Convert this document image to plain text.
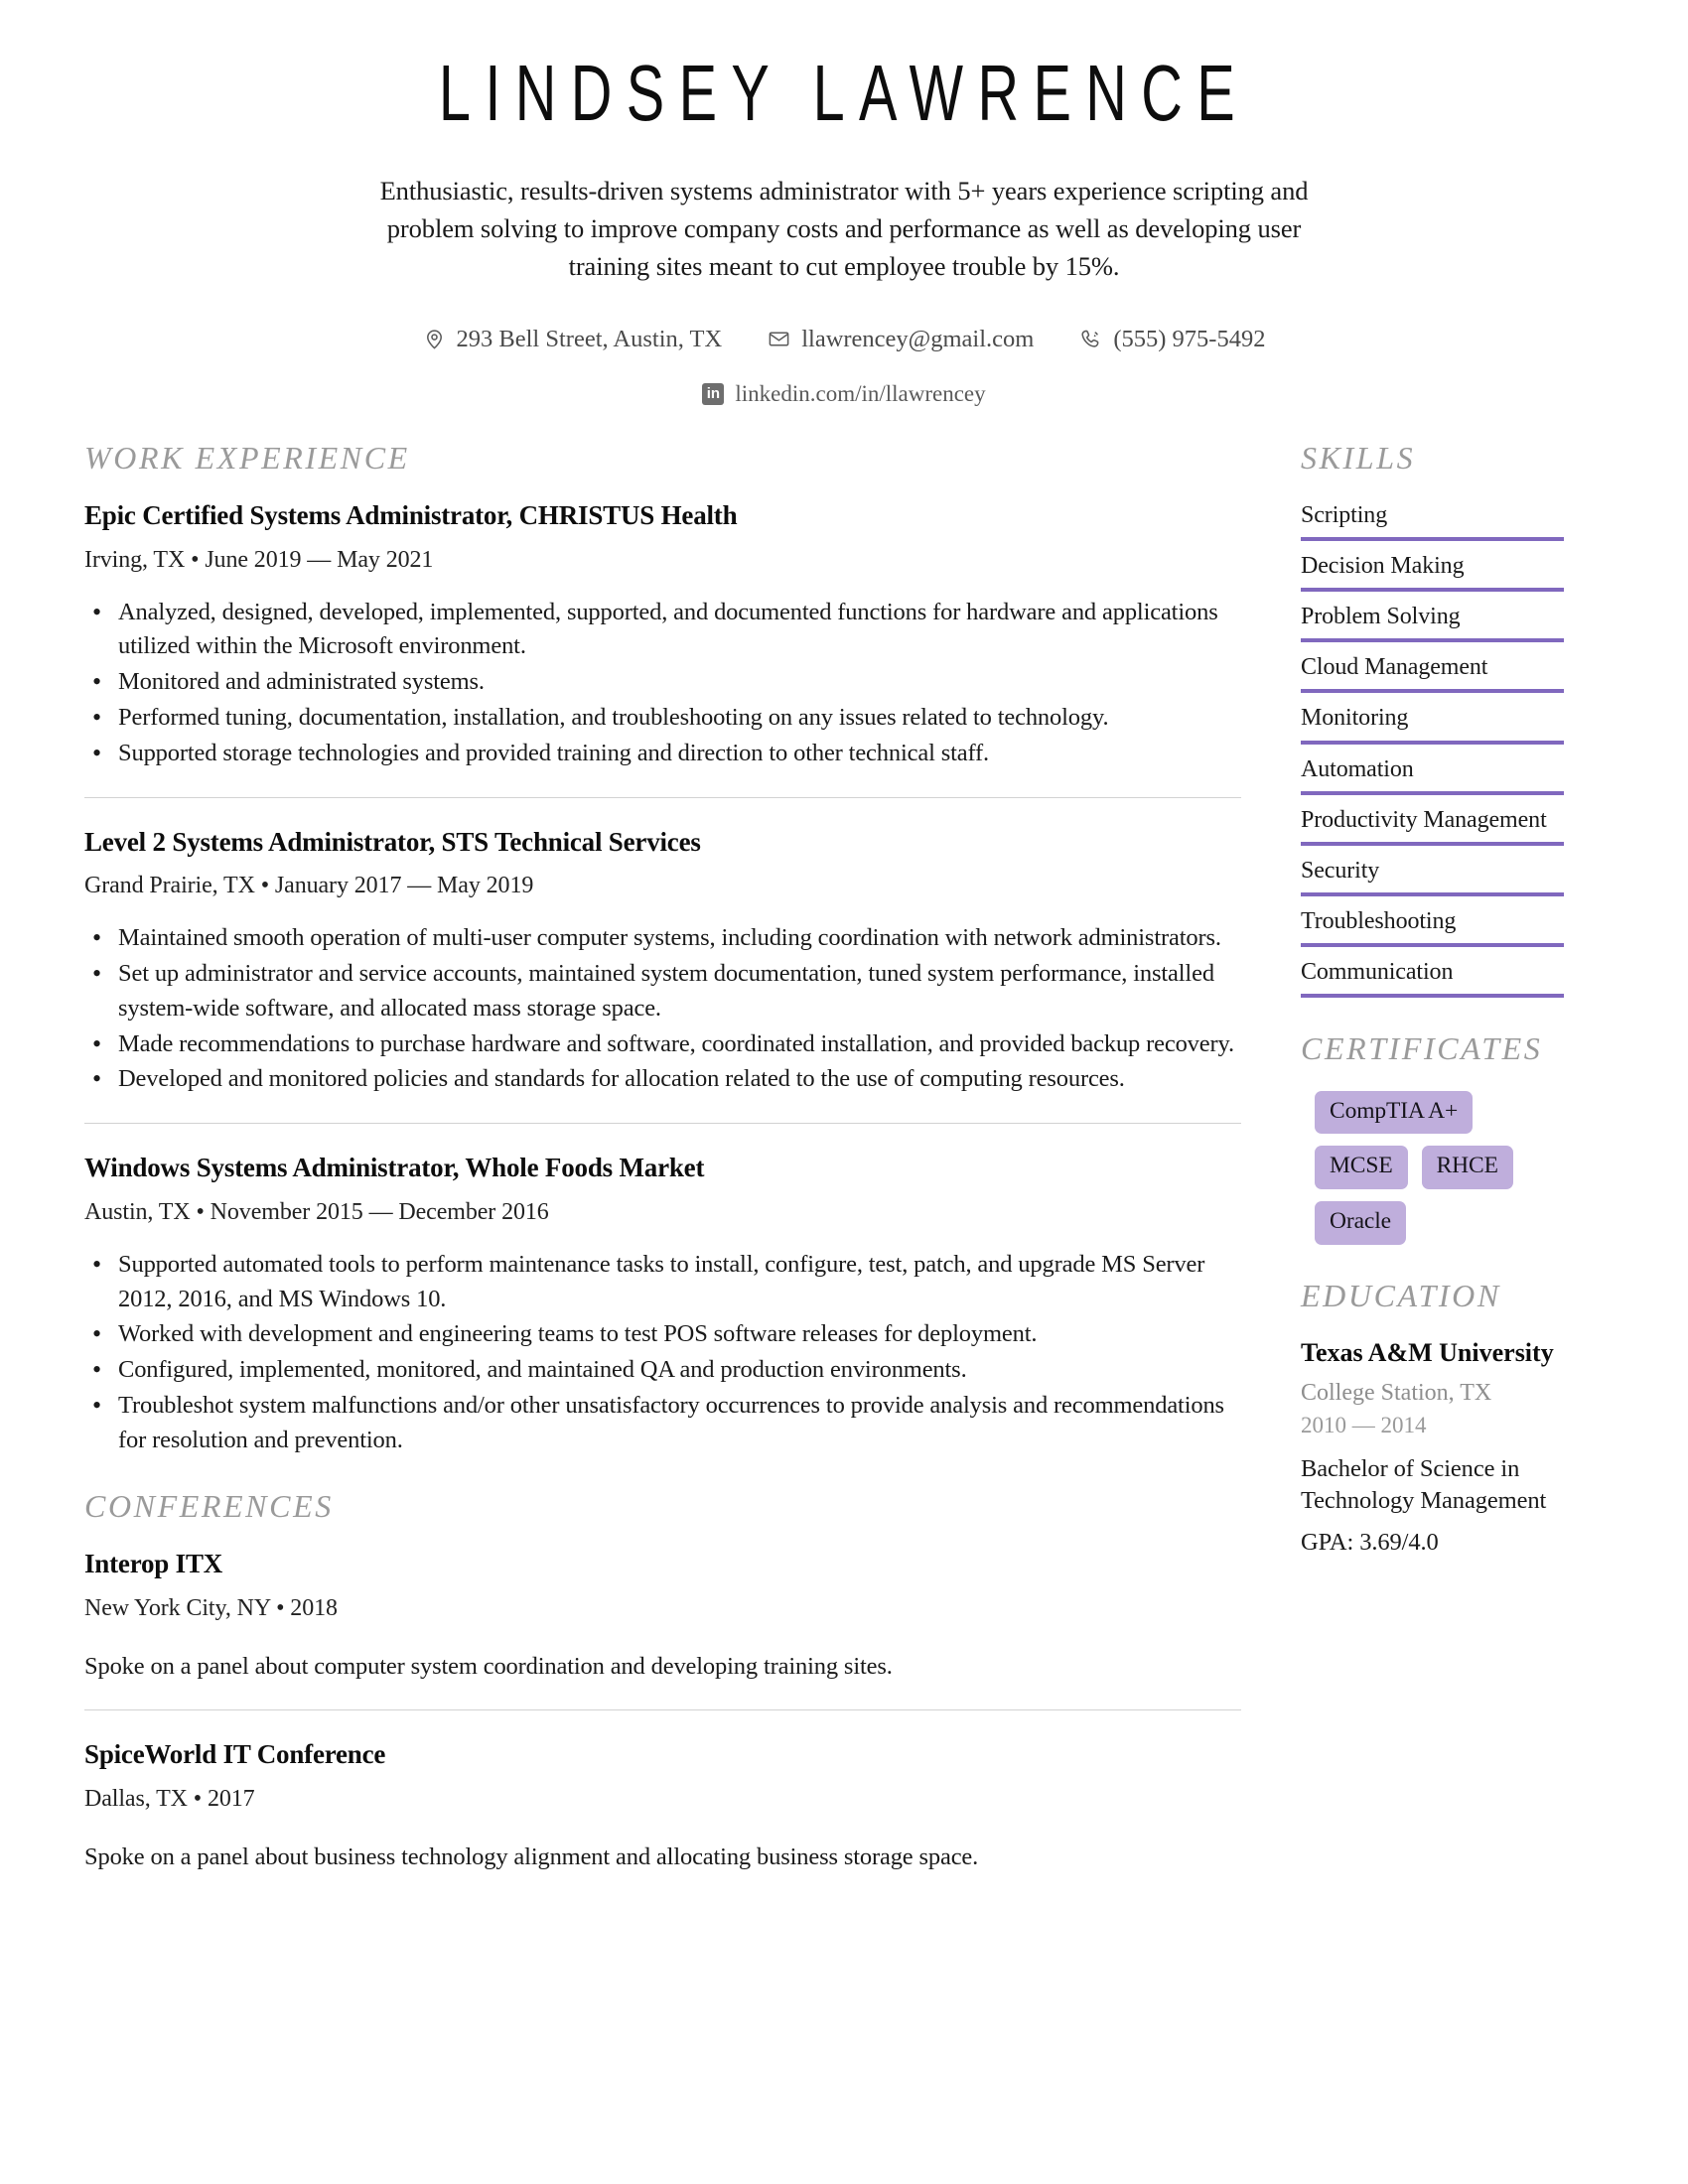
LINDSEY LAWRENCE
Enthusiastic, results-driven systems administrator with 5+ years experience scripting and problem solving to improve company costs and performance as well as developing user training sites meant to cut employee trouble by 15%.
293 Bell Street, Austin, TX	llawrencey@gmail.com	(555) 975-5492
in linkedin.com/in/llawrencey
WORK EXPERIENCE
Epic Certified Systems Administrator, CHRISTUS Health
Irving, TX • June 2019 — May 2021
• Analyzed, designed, developed, implemented, supported, and documented functions for hardware and applications utilized within the Microsoft environment.
• Monitored and administrated systems.
• Performed tuning, documentation, installation, and troubleshooting on any issues related to technology.
• Supported storage technologies and provided training and direction to other technical staff.
Level 2 Systems Administrator, STS Technical Services
Grand Prairie, TX • January 2017 — May 2019
• Maintained smooth operation of multi-user computer systems, including coordination with network administrators.
• Set up administrator and service accounts, maintained system documentation, tuned system performance, installed system-wide software, and allocated mass storage space.
• Made recommendations to purchase hardware and software, coordinated installation, and provided backup recovery.
• Developed and monitored policies and standards for allocation related to the use of computing resources.
Windows Systems Administrator, Whole Foods Market
Austin, TX • November 2015 — December 2016
• Supported automated tools to perform maintenance tasks to install, configure, test, patch, and upgrade MS Server 2012, 2016, and MS Windows 10.
• Worked with development and engineering teams to test POS software releases for deployment.
• Configured, implemented, monitored, and maintained QA and production environments.
• Troubleshot system malfunctions and/or other unsatisfactory occurrences to provide analysis and recommendations for resolution and prevention.
CONFERENCES
Interop ITX
New York City, NY • 2018
Spoke on a panel about computer system coordination and developing training sites.
SpiceWorld IT Conference
Dallas, TX • 2017
Spoke on a panel about business technology alignment and allocating business storage space.
SKILLS
Scripting
Decision Making
Problem Solving
Cloud Management
Monitoring
Automation
Productivity Management
Security
Troubleshooting
Communication
CERTIFICATES
CompTIA A+
MCSE	RHCE
Oracle
EDUCATION
Texas A&M University
College Station, TX
2010 — 2014
Bachelor of Science in Technology Management
GPA: 3.69/4.0
